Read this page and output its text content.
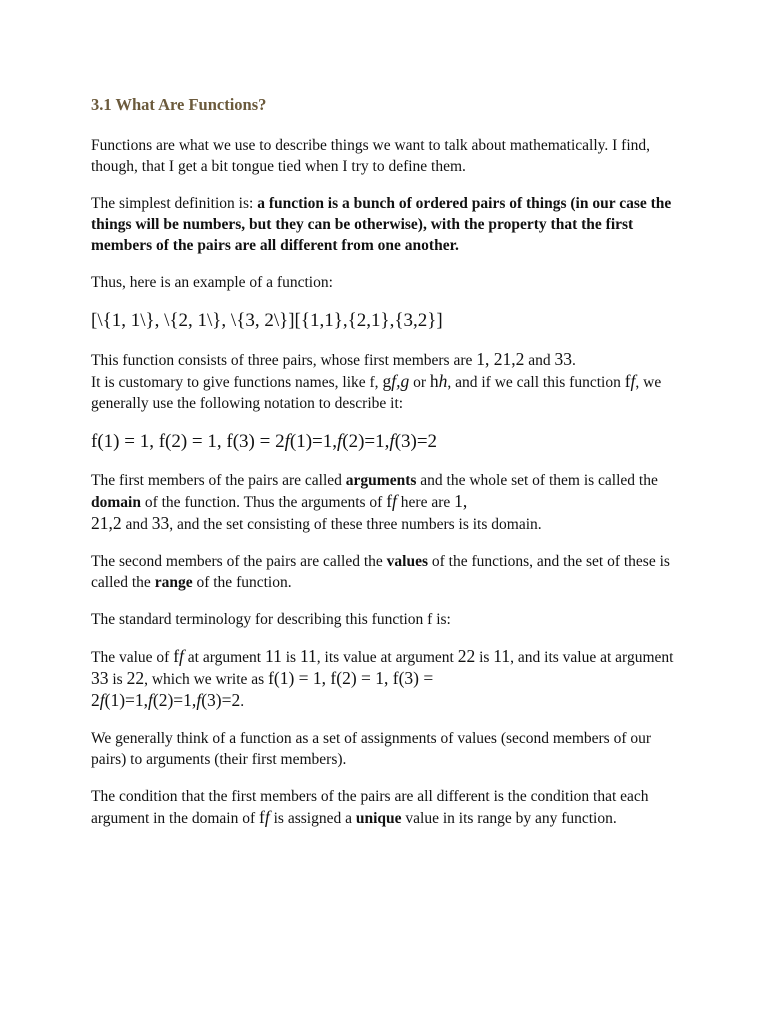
3.1 What Are Functions?

Functions are what we use to describe things we want to talk about mathematically. I find, though, that I get a bit tongue tied when I try to define them.

The simplest definition is: a function is a bunch of ordered pairs of things (in our case the things will be numbers, but they can be otherwise), with the property that the first members of the pairs are all different from one another.

Thus, here is an example of a function:

[\{1, 1\}, \{2, 1\}, \{3, 2\}][{1,1},{2,1},{3,2}]

This function consists of three pairs, whose first members are 1, 21,2 and 33.
It is customary to give functions names, like f, gf,g or hh, and if we call this function ff, we generally use the following notation to describe it:

f(1) = 1, f(2) = 1, f(3) = 2f(1)=1,f(2)=1,f(3)=2

The first members of the pairs are called arguments and the whole set of them is called the domain of the function. Thus the arguments of ff here are 1,
21,2 and 33, and the set consisting of these three numbers is its domain.

The second members of the pairs are called the values of the functions, and the set of these is called the range of the function.

The standard terminology for describing this function f is:

The value of ff at argument 11 is 11, its value at argument 22 is 11, and its value at argument 33 is 22, which we write as f(1) = 1, f(2) = 1, f(3) =
2f(1)=1,f(2)=1,f(3)=2.

We generally think of a function as a set of assignments of values (second members of our pairs) to arguments (their first members).

The condition that the first members of the pairs are all different is the condition that each argument in the domain of ff is assigned a unique value in its range by any function.
